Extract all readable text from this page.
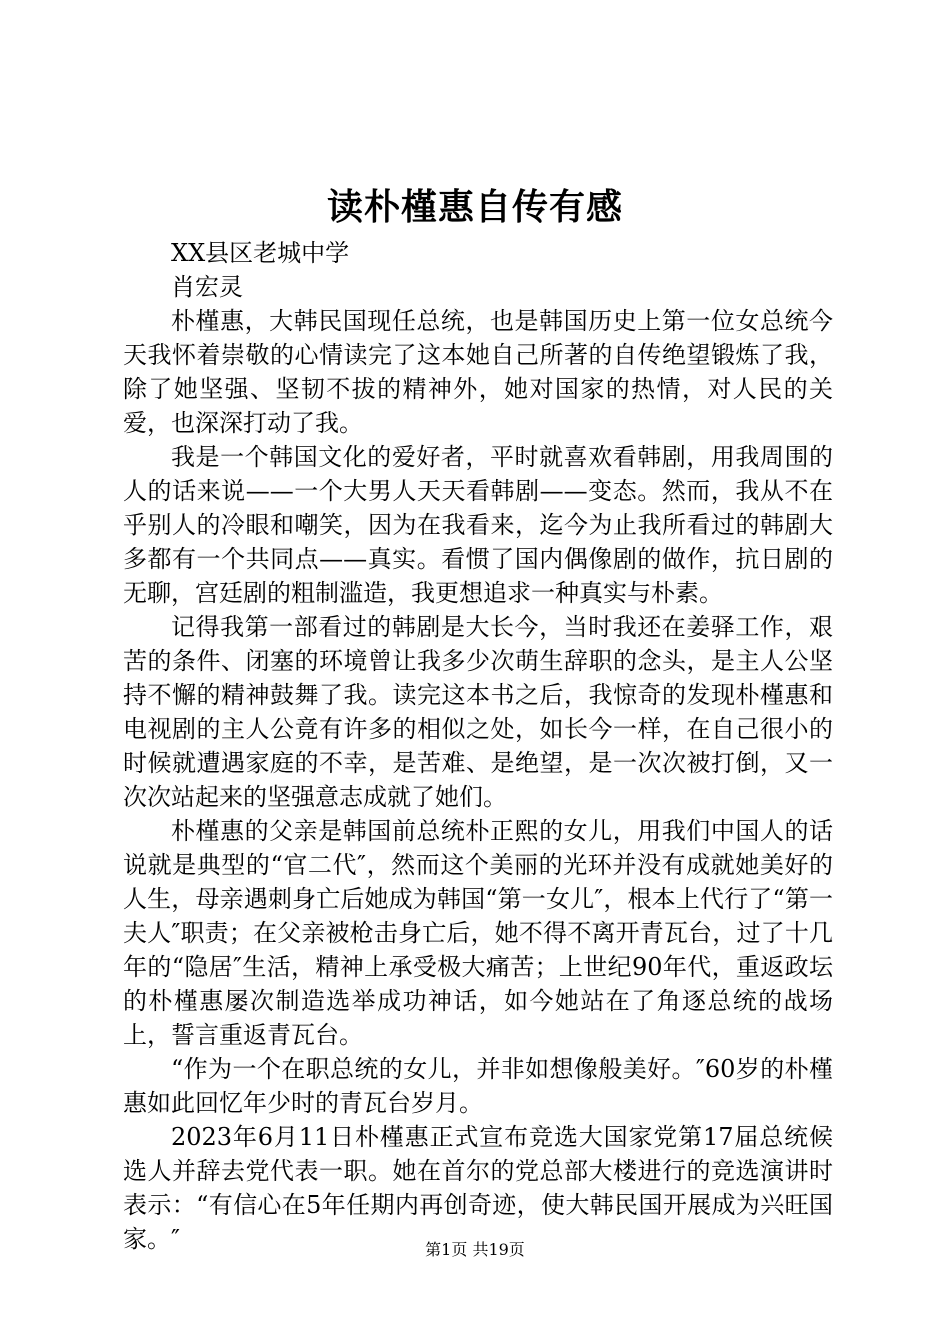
读朴槿惠自传有感

XX县区老城中学

肖宏灵

朴槿惠，大韩民国现任总统，也是韩国历史上第一位女总统今天我怀着崇敬的心情读完了这本她自己所著的自传绝望锻炼了我，除了她坚强、坚韧不拔的精神外，她对国家的热情，对人民的关爱，也深深打动了我。

我是一个韩国文化的爱好者，平时就喜欢看韩剧，用我周围的人的话来说——一个大男人天天看韩剧——变态。然而，我从不在乎别人的冷眼和嘲笑，因为在我看来，迄今为止我所看过的韩剧大多都有一个共同点——真实。看惯了国内偶像剧的做作，抗日剧的无聊，宫廷剧的粗制滥造，我更想追求一种真实与朴素。

记得我第一部看过的韩剧是大长今，当时我还在姜驿工作，艰苦的条件、闭塞的环境曾让我多少次萌生辞职的念头，是主人公坚持不懈的精神鼓舞了我。读完这本书之后，我惊奇的发现朴槿惠和电视剧的主人公竟有许多的相似之处，如长今一样，在自己很小的时候就遭遇家庭的不幸，是苦难、是绝望，是一次次被打倒，又一次次站起来的坚强意志成就了她们。

朴槿惠的父亲是韩国前总统朴正熙的女儿，用我们中国人的话说就是典型的“官二代″，然而这个美丽的光环并没有成就她美好的人生，母亲遇刺身亡后她成为韩国“第一女儿″，根本上代行了“第一夫人″职责；在父亲被枪击身亡后，她不得不离开青瓦台，过了十几年的“隐居″生活，精神上承受极大痛苦；上世纪90年代，重返政坛的朴槿惠屡次制造选举成功神话，如今她站在了角逐总统的战场上，誓言重返青瓦台。

“作为一个在职总统的女儿，并非如想像般美好。″60岁的朴槿惠如此回忆年少时的青瓦台岁月。

2023年6月11日朴槿惠正式宣布竞选大国家党第17届总统候选人并辞去党代表一职。她在首尔的党总部大楼进行的竞选演讲时表示：“有信心在5年任期内再创奇迹，使大韩民国开展成为兴旺国家。″	第1页 共19页
